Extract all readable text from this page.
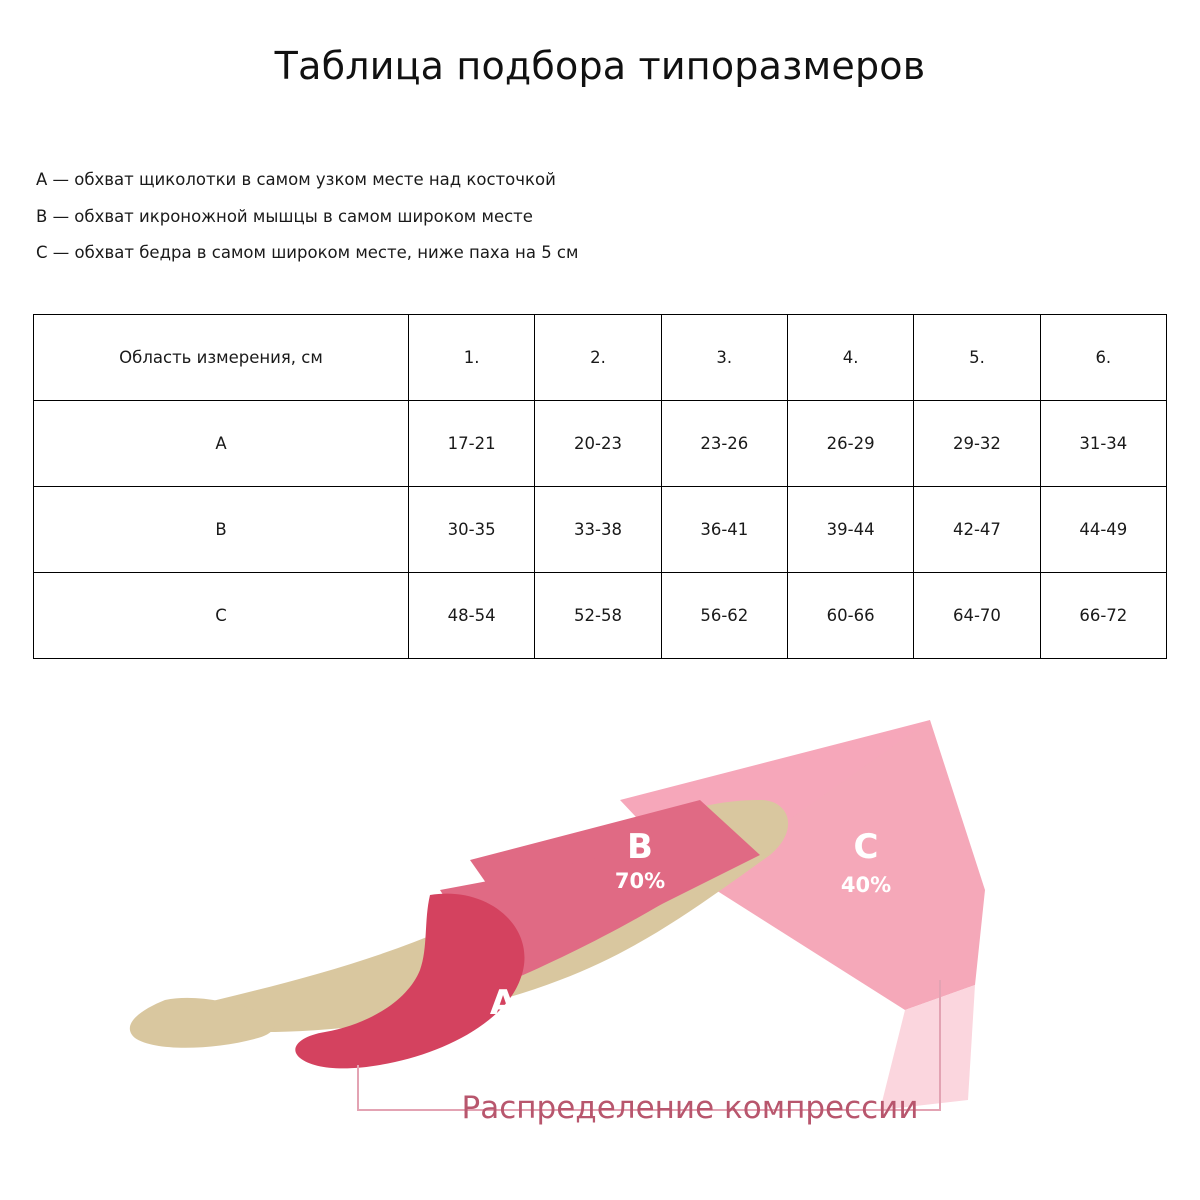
Таблица подбора типоразмеров
A — обхват щиколотки в самом узком месте над косточкой
B — обхват икроножной мышцы в самом широком месте
C — обхват бедра в самом широком месте, ниже паха на 5 см
Область измерения, см	1.	2.	3.	4.	5.	6.
A	17-21	20-23	23-26	26-29	29-32	31-34
B	30-35	33-38	36-41	39-44	42-47	44-49
C	48-54	52-58	56-62	60-66	64-70	66-72
B
70%
C
40%
A
100%
Распределение компрессии
